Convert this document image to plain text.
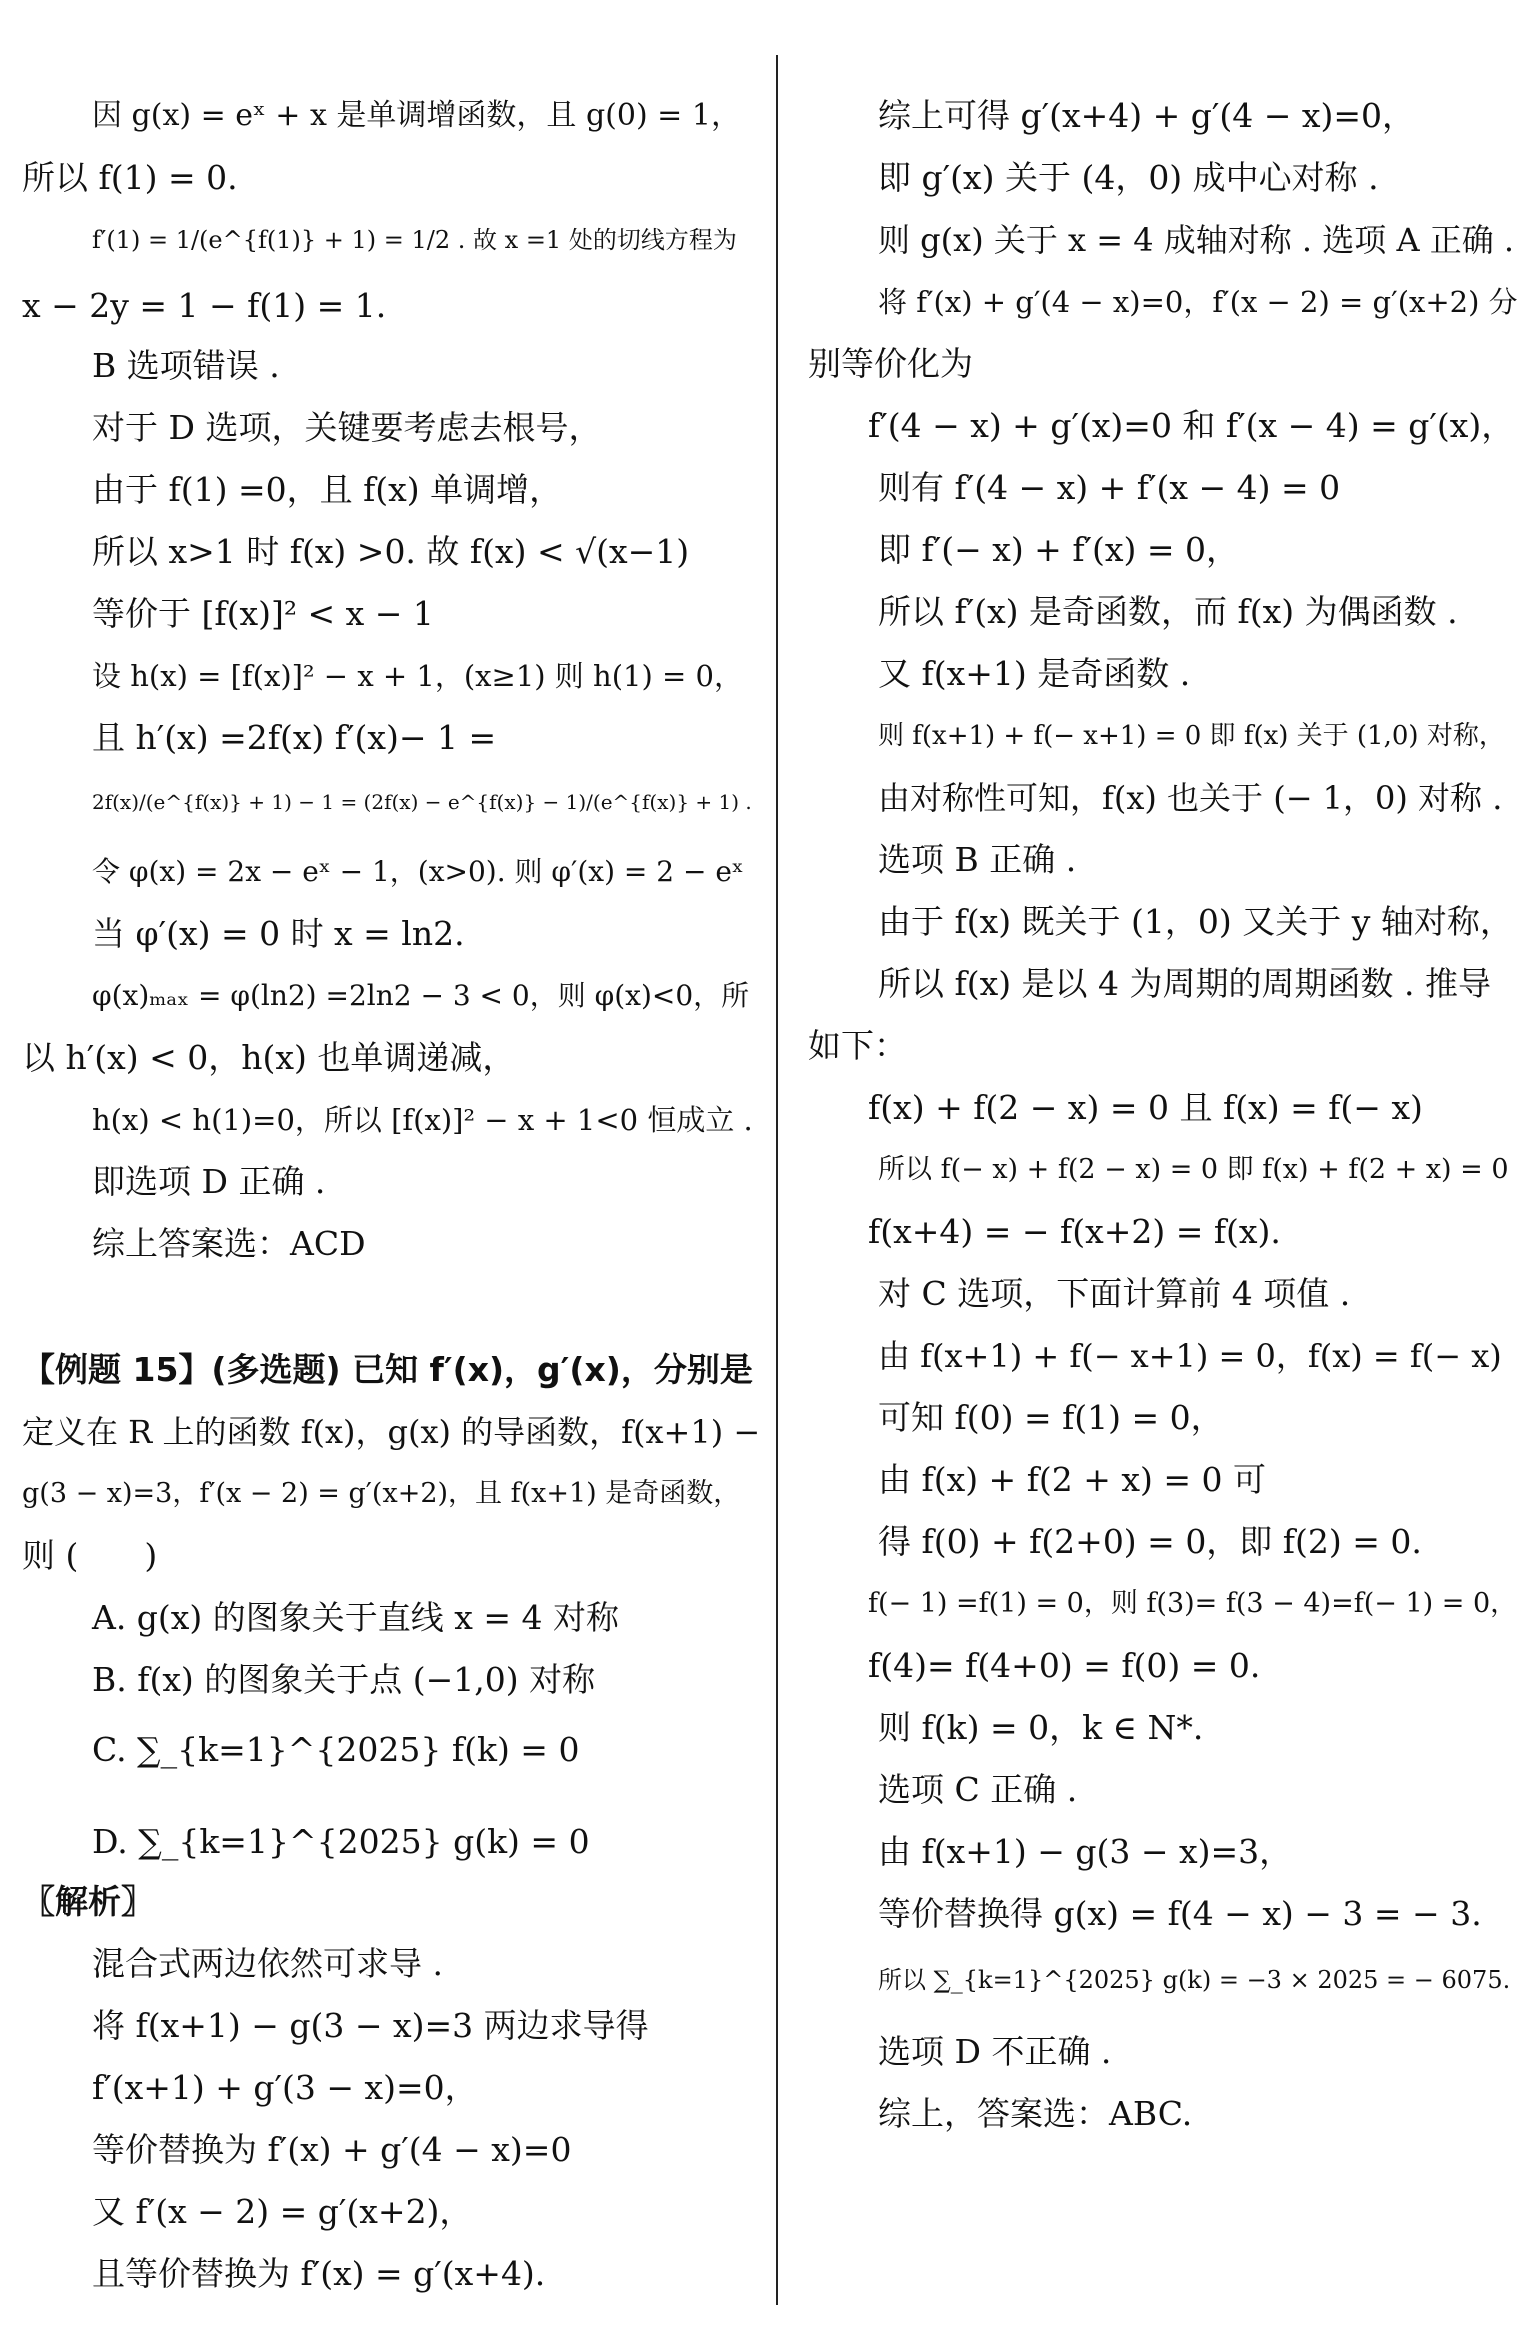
因 g(x) = eˣ + x 是单调增函数，且 g(0) = 1，
所以 f(1) = 0.
f′(1) = 1/(e^{f(1)} + 1) = 1/2 . 故 x =1 处的切线方程为
x − 2y = 1 − f(1) = 1.
B 选项错误 .
对于 D 选项，关键要考虑去根号，
由于 f(1) =0，且 f(x) 单调增，
所以 x>1 时 f(x) >0. 故 f(x) < √(x−1)
等价于 [f(x)]² < x − 1
设 h(x) = [f(x)]² − x + 1，(x≥1) 则 h(1) = 0，
且 h′(x) =2f(x) f′(x)− 1 =
2f(x)/(e^{f(x)} + 1) − 1 = (2f(x) − e^{f(x)} − 1)/(e^{f(x)} + 1) .
令 φ(x) = 2x − eˣ − 1，(x>0). 则 φ′(x) = 2 − eˣ
当 φ′(x) = 0 时 x = ln2.
φ(x)ₘₐₓ = φ(ln2) =2ln2 − 3 < 0，则 φ(x)<0，所
以 h′(x) < 0，h(x) 也单调递减，
h(x) < h(1)=0，所以 [f(x)]² − x + 1<0 恒成立 .
即选项 D 正确 .
综上答案选：ACD
【例题 15】(多选题) 已知 f′(x)，g′(x)，分别是
定义在 R 上的函数 f(x)，g(x) 的导函数，f(x+1) −
g(3 − x)=3，f′(x − 2) = g′(x+2)，且 f(x+1) 是奇函数，
则 (　　)
A. g(x) 的图象关于直线 x = 4 对称
B. f(x) 的图象关于点 (−1,0) 对称
C. ∑_{k=1}^{2025} f(k) = 0
D. ∑_{k=1}^{2025} g(k) = 0
〖解析〗
混合式两边依然可求导 .
将 f(x+1) − g(3 − x)=3 两边求导得
f′(x+1) + g′(3 − x)=0，
等价替换为 f′(x) + g′(4 − x)=0
又 f′(x − 2) = g′(x+2)，
且等价替换为 f′(x) = g′(x+4).
综上可得 g′(x+4) + g′(4 − x)=0，
即 g′(x) 关于 (4，0) 成中心对称 .
则 g(x) 关于 x = 4 成轴对称 . 选项 A 正确 .
将 f′(x) + g′(4 − x)=0，f′(x − 2) = g′(x+2) 分
别等价化为
f′(4 − x) + g′(x)=0 和 f′(x − 4) = g′(x)，
则有 f′(4 − x) + f′(x − 4) = 0
即 f′(− x) + f′(x) = 0，
所以 f′(x) 是奇函数，而 f(x) 为偶函数 .
又 f(x+1) 是奇函数 .
则 f(x+1) + f(− x+1) = 0 即 f(x) 关于 (1,0) 对称，
由对称性可知，f(x) 也关于 (− 1，0) 对称 .
选项 B 正确 .
由于 f(x) 既关于 (1，0) 又关于 y 轴对称，
所以 f(x) 是以 4 为周期的周期函数 . 推导
如下：
f(x) + f(2 − x) = 0 且 f(x) = f(− x)
所以 f(− x) + f(2 − x) = 0 即 f(x) + f(2 + x) = 0
f(x+4) = − f(x+2) = f(x).
对 C 选项，下面计算前 4 项值 .
由 f(x+1) + f(− x+1) = 0，f(x) = f(− x)
可知 f(0) = f(1) = 0，
由 f(x) + f(2 + x) = 0 可
得 f(0) + f(2+0) = 0，即 f(2) = 0.
f(− 1) =f(1) = 0，则 f(3)= f(3 − 4)=f(− 1) = 0，
f(4)= f(4+0) = f(0) = 0.
则 f(k) = 0，k ∈ N*.
选项 C 正确 .
由 f(x+1) − g(3 − x)=3，
等价替换得 g(x) = f(4 − x) − 3 = − 3.
所以 ∑_{k=1}^{2025} g(k) = −3 × 2025 = − 6075.
选项 D 不正确 .
综上，答案选：ABC.
